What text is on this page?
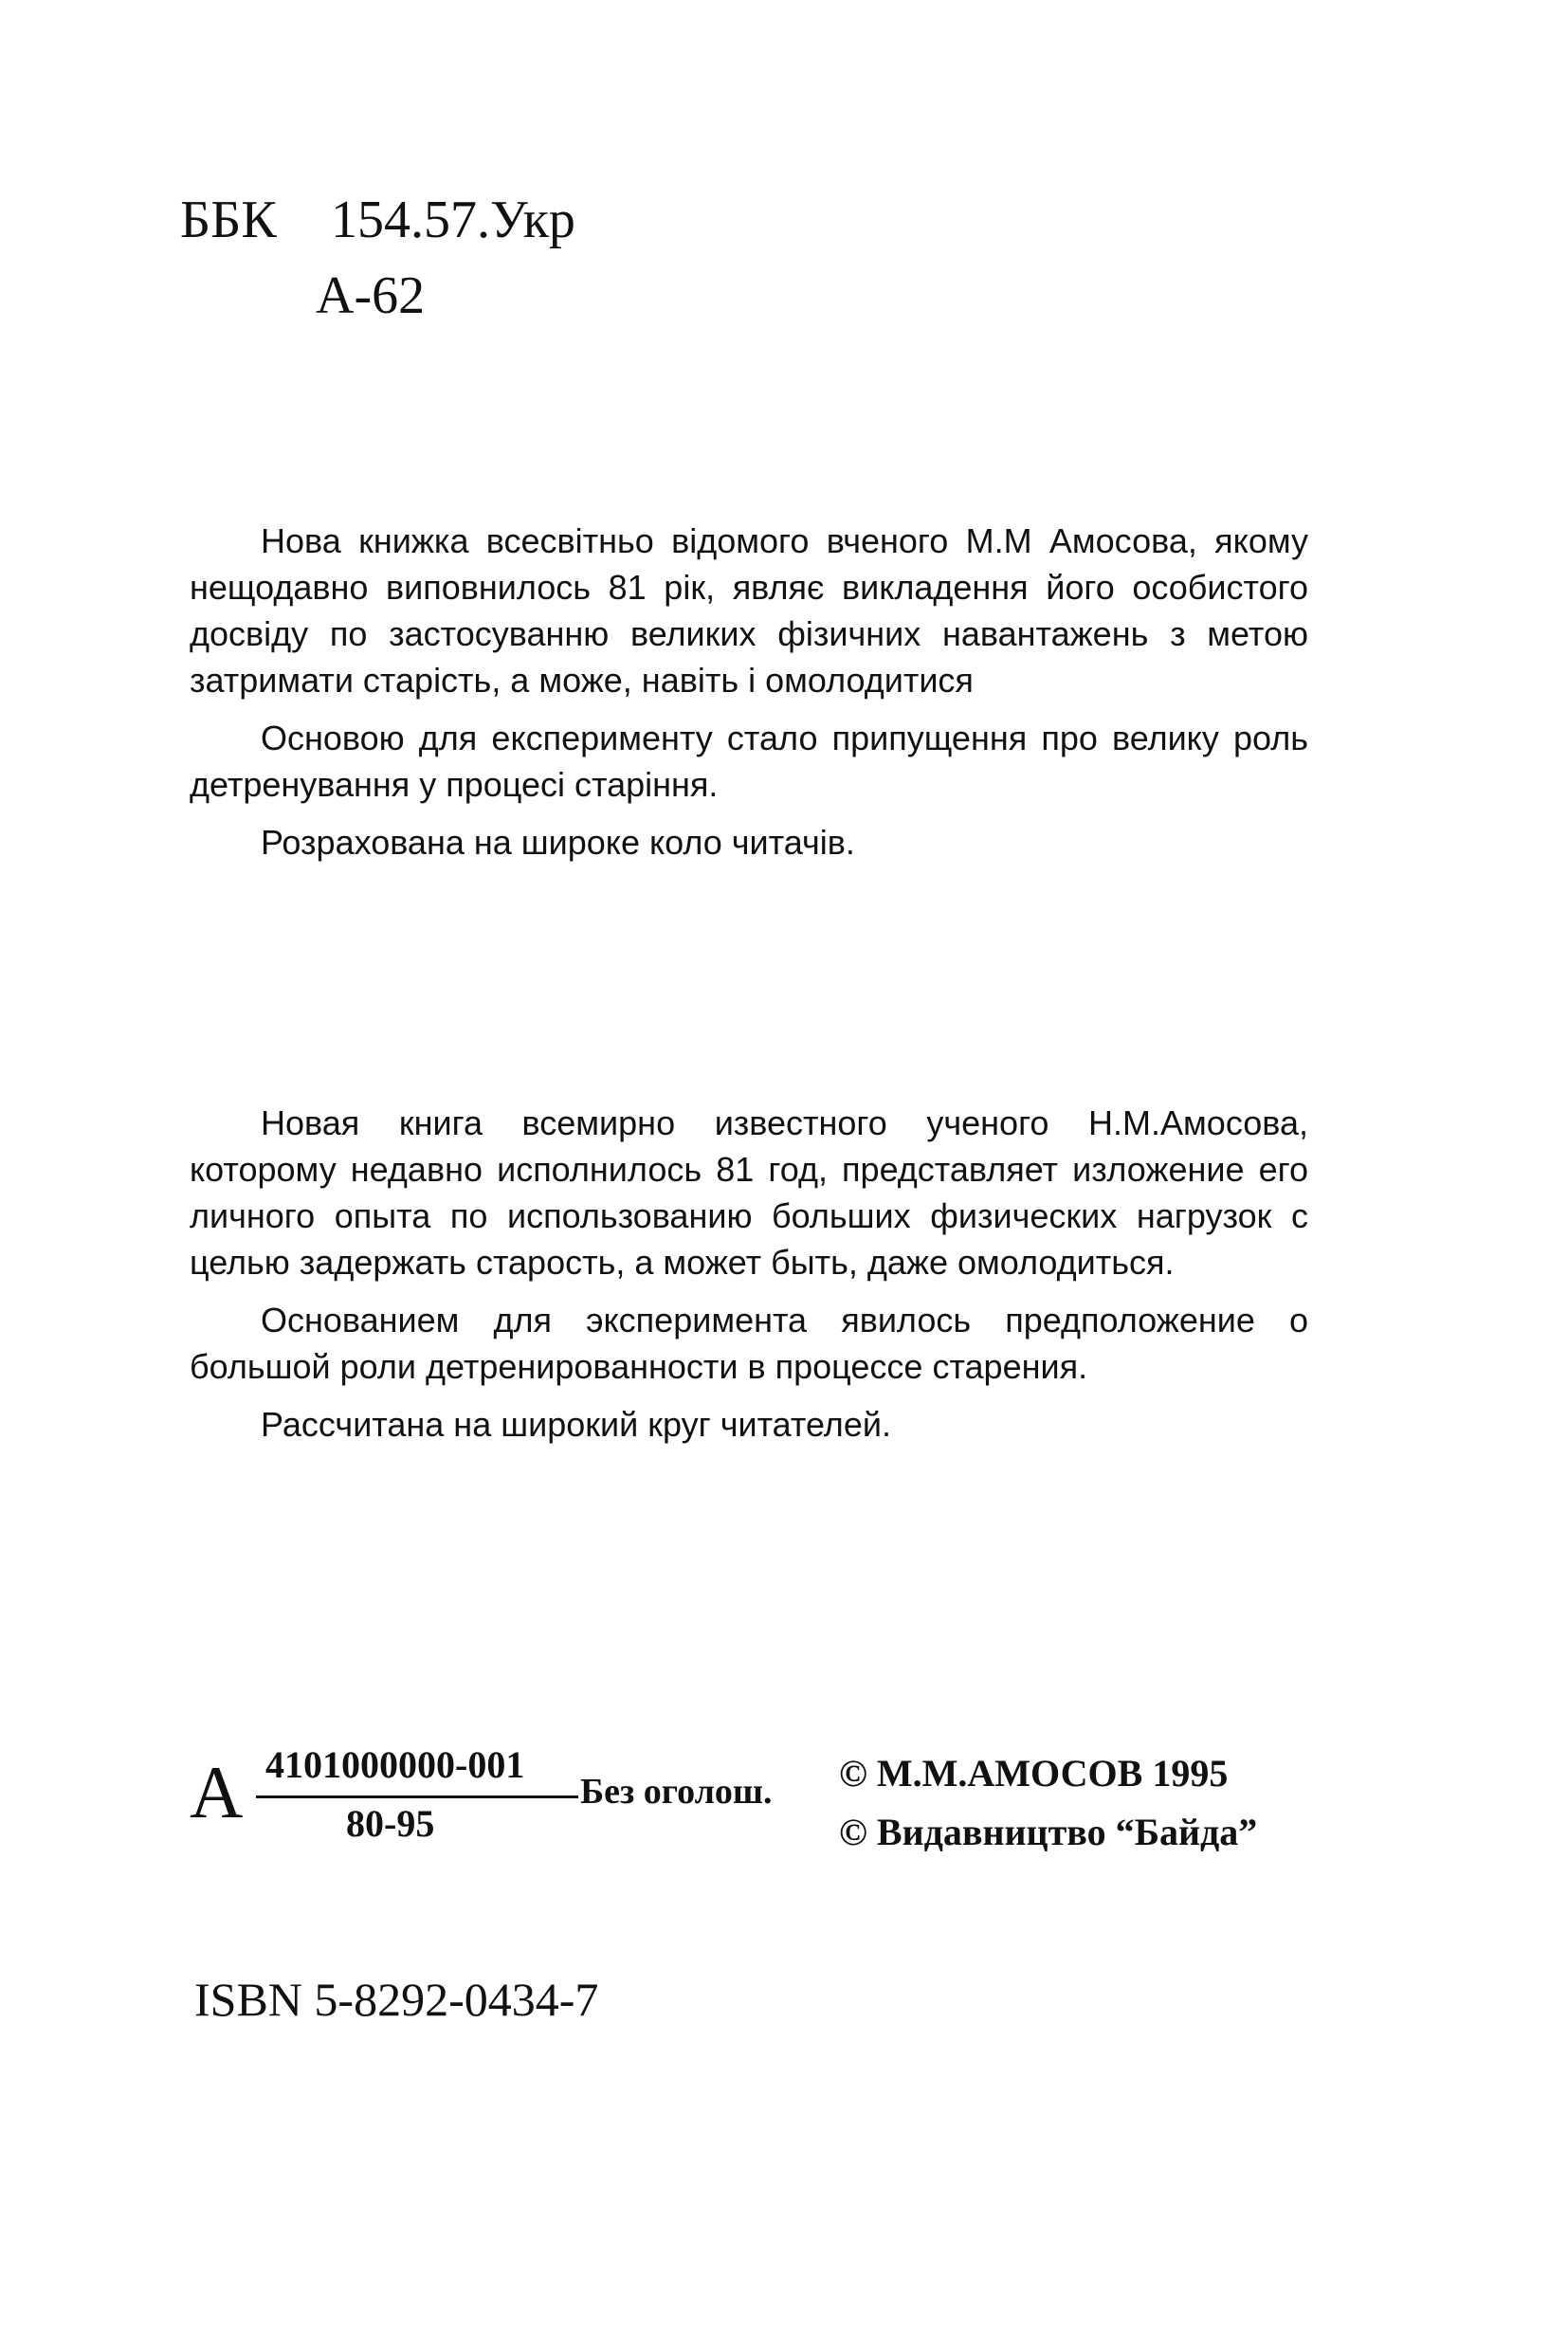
ББК 154.57.Укр
А-62

Нова книжка всесвітньо відомого вченого М.М Амосова, якому нещодавно виповнилось 81 рік, являє викладення його особистого досвіду по застосуванню великих фізичних навантажень з метою затримати старість, а може, навіть і омолодитися

Основою для експерименту стало припущення про велику роль детренування у процесі старіння.

Розрахована на широке коло читачів.

Новая книга всемирно известного ученого Н.М.Амосова, которому недавно исполнилось 81 год, представляет изложение его личного опыта по использованию больших физических нагрузок с целью задержать старость, а может быть, даже омолодиться.

Основанием для эксперимента явилось предположение о большой роли детренированности в процессе старения.

Рассчитана на широкий круг читателей.

А 4101000000-001
80-95
Без оголош. © М.М.АМОСОВ 1995
© Видавництво “Байда”
ISBN 5-8292-0434-7
